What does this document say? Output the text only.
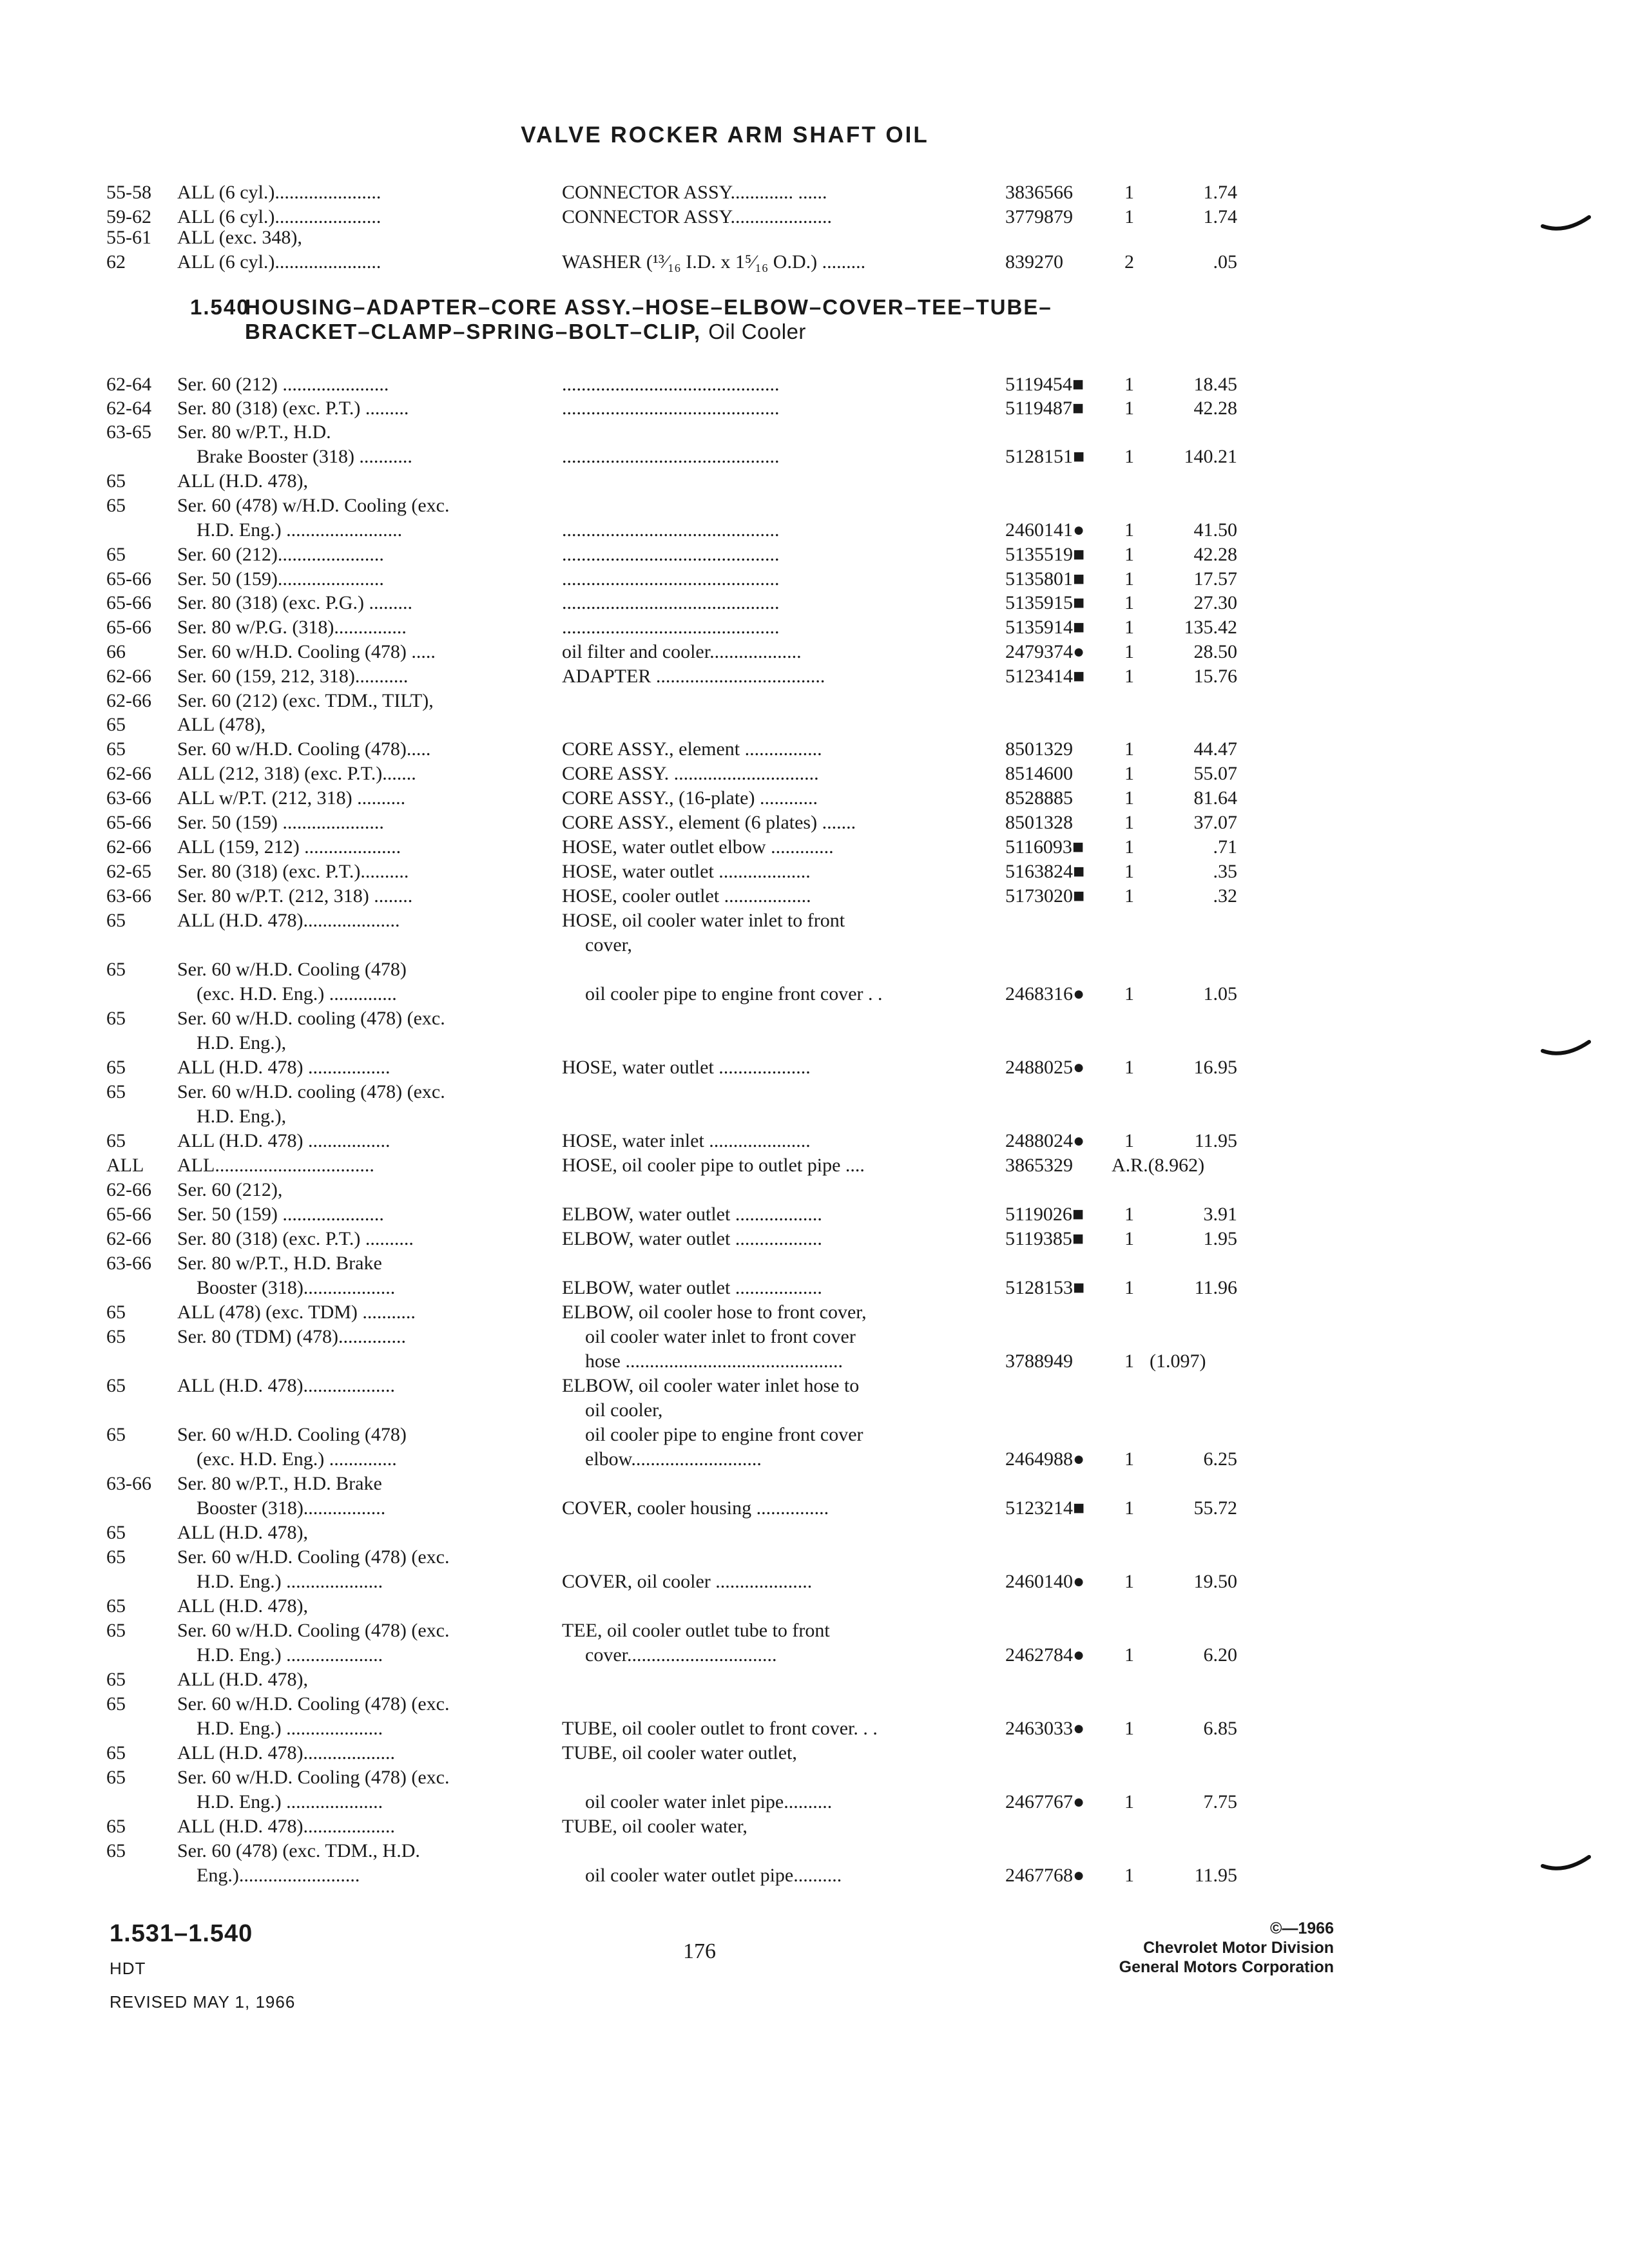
VALVE ROCKER ARM SHAFT OIL
1.540HOUSING–ADAPTER–CORE ASSY.–HOSE–ELBOW–COVER–TEE–TUBE–
BRACKET–CLAMP–SPRING–BOLT–CLIP, Oil Cooler
55-58 ALL (6 cyl.)......................	CONNECTOR ASSY............. ......	3836566	1	1.74
59-62 ALL (6 cyl.)......................	CONNECTOR ASSY.....................	3779879	1	1.74
55-61 ALL (exc. 348),
62	ALL (6 cyl.)......................	WASHER (¹³⁄₁₆ I.D. x 1⁵⁄₁₆ O.D.) .........	839270	2	.05
62-64 Ser. 60 (212) ......................	.............................................	5119454■ 1	18.45
62-64 Ser. 80 (318) (exc. P.T.) .........	.............................................	5119487■ 1	42.28
63-65 Ser. 80 w/P.T., H.D.
Brake Booster (318) ...........	.............................................	5128151■ 1	140.21
65	ALL (H.D. 478),
65	Ser. 60 (478) w/H.D. Cooling (exc.
H.D. Eng.) ........................	.............................................	2460141● 1	41.50
65	Ser. 60 (212)......................	.............................................	5135519■ 1	42.28
65-66 Ser. 50 (159)......................	.............................................	5135801■ 1	17.57
65-66 Ser. 80 (318) (exc. P.G.) .........	.............................................	5135915■ 1	27.30
65-66 Ser. 80 w/P.G. (318)...............	.............................................	5135914■ 1	135.42
66	Ser. 60 w/H.D. Cooling (478) .....	oil filter and cooler...................	2479374● 1	28.50
62-66 Ser. 60 (159, 212, 318)...........	ADAPTER ...................................	5123414■ 1	15.76
62-66 Ser. 60 (212) (exc. TDM., TILT),
65	ALL (478),
65	Ser. 60 w/H.D. Cooling (478).....	CORE ASSY., element ................	8501329	1	44.47
62-66 ALL (212, 318) (exc. P.T.).......	CORE ASSY. ..............................	8514600	1	55.07
63-66 ALL w/P.T. (212, 318) ..........	CORE ASSY., (16-plate) ............	8528885	1	81.64
65-66 Ser. 50 (159) .....................	CORE ASSY., element (6 plates) .......	8501328	1	37.07
62-66 ALL (159, 212) ....................	HOSE, water outlet elbow .............	5116093■ 1	.71
62-65 Ser. 80 (318) (exc. P.T.)..........	HOSE, water outlet ...................	5163824■ 1	.35
63-66 Ser. 80 w/P.T. (212, 318) ........	HOSE, cooler outlet ..................	5173020■ 1	.32
65	ALL (H.D. 478)....................	HOSE, oil cooler water inlet to front
cover,
65	Ser. 60 w/H.D. Cooling (478)
(exc. H.D. Eng.) ..............	oil cooler pipe to engine front cover . .	2468316● 1	1.05
65	Ser. 60 w/H.D. cooling (478) (exc.
H.D. Eng.),
65	ALL (H.D. 478) .................	HOSE, water outlet ...................	2488025● 1	16.95
65	Ser. 60 w/H.D. cooling (478) (exc.
H.D. Eng.),
65	ALL (H.D. 478) .................	HOSE, water inlet .....................	2488024● 1	11.95
ALL ALL.................................	HOSE, oil cooler pipe to outlet pipe ....	3865329 A.R.(8.962)
62-66 Ser. 60 (212),
65-66 Ser. 50 (159) .....................	ELBOW, water outlet ..................	5119026■ 1	3.91
62-66 Ser. 80 (318) (exc. P.T.) ..........	ELBOW, water outlet ..................	5119385■ 1	1.95
63-66 Ser. 80 w/P.T., H.D. Brake
Booster (318)...................	ELBOW, water outlet ..................	5128153■ 1	11.96
65	ALL (478) (exc. TDM) ...........	ELBOW, oil cooler hose to front cover,
65	Ser. 80 (TDM) (478)..............	oil cooler water inlet to front cover
hose .............................................	3788949	1 (1.097)
65	ALL (H.D. 478)...................	ELBOW, oil cooler water inlet hose to
oil cooler,
65	Ser. 60 w/H.D. Cooling (478)	oil cooler pipe to engine front cover
(exc. H.D. Eng.) ..............	elbow...........................	2464988● 1	6.25
63-66 Ser. 80 w/P.T., H.D. Brake
Booster (318).................	COVER, cooler housing ...............	5123214■ 1	55.72
65	ALL (H.D. 478),
65	Ser. 60 w/H.D. Cooling (478) (exc.
H.D. Eng.) ....................	COVER, oil cooler ....................	2460140● 1	19.50
65	ALL (H.D. 478),
65	Ser. 60 w/H.D. Cooling (478) (exc.	TEE, oil cooler outlet tube to front
H.D. Eng.) ....................	cover...............................	2462784● 1	6.20
65	ALL (H.D. 478),
65	Ser. 60 w/H.D. Cooling (478) (exc.
H.D. Eng.) ....................	TUBE, oil cooler outlet to front cover. . .	2463033● 1	6.85
65	ALL (H.D. 478)...................	TUBE, oil cooler water outlet,
65	Ser. 60 w/H.D. Cooling (478) (exc.
H.D. Eng.) ....................	oil cooler water inlet pipe..........	2467767● 1	7.75
65	ALL (H.D. 478)...................	TUBE, oil cooler water,
65	Ser. 60 (478) (exc. TDM., H.D.
Eng.).........................	oil cooler water outlet pipe..........	2467768● 1	11.95
1.531–1.540
HDT
REVISED MAY 1, 1966
176
©—1966
Chevrolet Motor Division
General Motors Corporation
